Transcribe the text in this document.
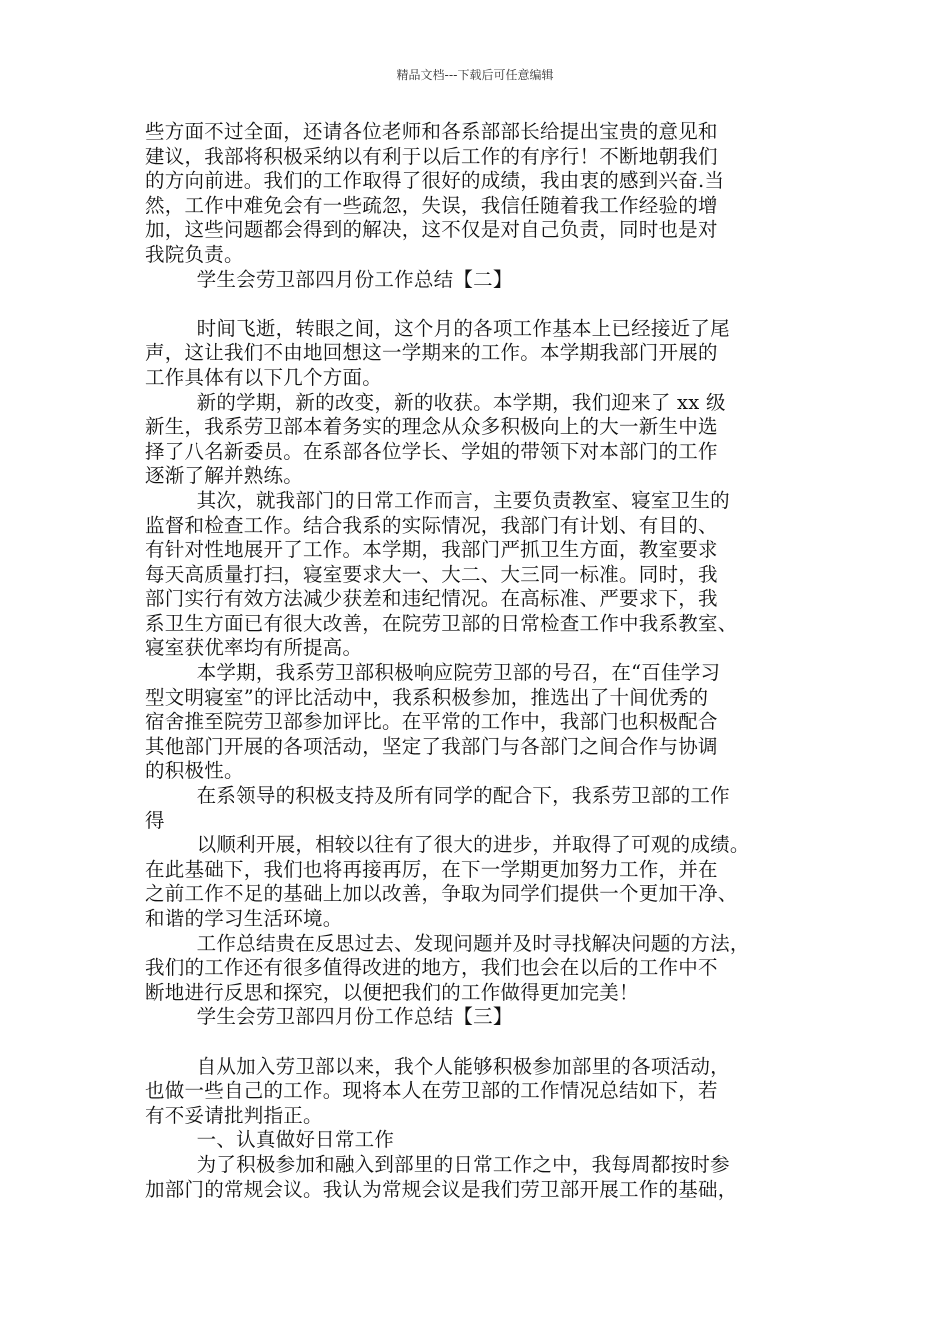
精品文档---下载后可任意编辑
些方面不过全面，还请各位老师和各系部部长给提出宝贵的意见和
建议，我部将积极采纳以有利于以后工作的有序行！不断地朝我们
的方向前进。我们的工作取得了很好的成绩，我由衷的感到兴奋.当
然，工作中难免会有一些疏忽，失误，我信任随着我工作经验的增
加，这些问题都会得到的解决，这不仅是对自己负责，同时也是对
我院负责。
学生会劳卫部四月份工作总结【二】
时间飞逝，转眼之间，这个月的各项工作基本上已经接近了尾
声，这让我们不由地回想这一学期来的工作。本学期我部门开展的
工作具体有以下几个方面。
新的学期，新的改变，新的收获。本学期，我们迎来了 xx 级
新生，我系劳卫部本着务实的理念从众多积极向上的大一新生中选
择了八名新委员。在系部各位学长、学姐的带领下对本部门的工作
逐渐了解并熟练。
其次，就我部门的日常工作而言，主要负责教室、寝室卫生的
监督和检查工作。结合我系的实际情况，我部门有计划、有目的、
有针对性地展开了工作。本学期，我部门严抓卫生方面，教室要求
每天高质量打扫，寝室要求大一、大二、大三同一标准。同时，我
部门实行有效方法减少获差和违纪情况。在高标准、严要求下，我
系卫生方面已有很大改善，在院劳卫部的日常检查工作中我系教室、
寝室获优率均有所提高。
本学期，我系劳卫部积极响应院劳卫部的号召，在“百佳学习
型文明寝室”的评比活动中，我系积极参加，推选出了十间优秀的
宿舍推至院劳卫部参加评比。在平常的工作中，我部门也积极配合
其他部门开展的各项活动，坚定了我部门与各部门之间合作与协调
的积极性。
在系领导的积极支持及所有同学的配合下，我系劳卫部的工作
得
以顺利开展，相较以往有了很大的进步，并取得了可观的成绩。
在此基础下，我们也将再接再厉，在下一学期更加努力工作，并在
之前工作不足的基础上加以改善，争取为同学们提供一个更加干净、
和谐的学习生活环境。
工作总结贵在反思过去、发现问题并及时寻找解决问题的方法，
我们的工作还有很多值得改进的地方，我们也会在以后的工作中不
断地进行反思和探究，以便把我们的工作做得更加完美！
学生会劳卫部四月份工作总结【三】
自从加入劳卫部以来，我个人能够积极参加部里的各项活动，
也做一些自己的工作。现将本人在劳卫部的工作情况总结如下，若
有不妥请批判指正。
一、认真做好日常工作
为了积极参加和融入到部里的日常工作之中，我每周都按时参
加部门的常规会议。我认为常规会议是我们劳卫部开展工作的基础，
